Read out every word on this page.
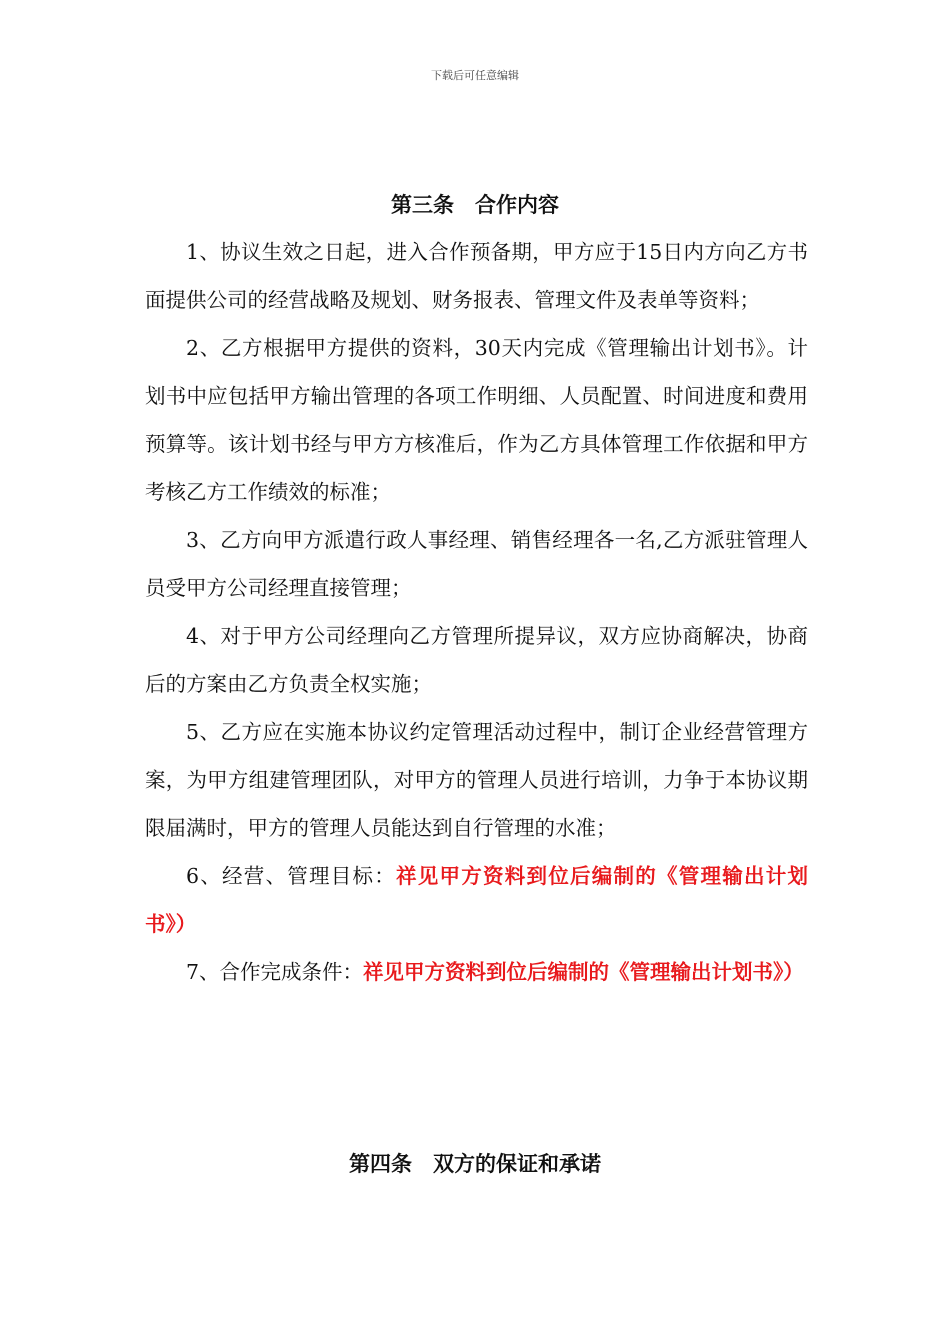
下载后可任意编辑
第三条　合作内容

1、协议生效之日起，进入合作预备期，甲方应于15日内方向乙方书面提供公司的经营战略及规划、财务报表、管理文件及表单等资料；

2、乙方根据甲方提供的资料，30天内完成《管理输出计划书》。计划书中应包括甲方输出管理的各项工作明细、人员配置、时间进度和费用预算等。该计划书经与甲方方核准后，作为乙方具体管理工作依据和甲方考核乙方工作绩效的标准；

3、乙方向甲方派遣行政人事经理、销售经理各一名,乙方派驻管理人员受甲方公司经理直接管理；

4、对于甲方公司经理向乙方管理所提异议，双方应协商解决，协商后的方案由乙方负责全权实施；

5、乙方应在实施本协议约定管理活动过程中，制订企业经营管理方案，为甲方组建管理团队，对甲方的管理人员进行培训，力争于本协议期限届满时，甲方的管理人员能达到自行管理的水准；

6、经营、管理目标：祥见甲方资料到位后编制的《管理输出计划书》）

7、合作完成条件：祥见甲方资料到位后编制的《管理输出计划书》）

第四条　双方的保证和承诺
